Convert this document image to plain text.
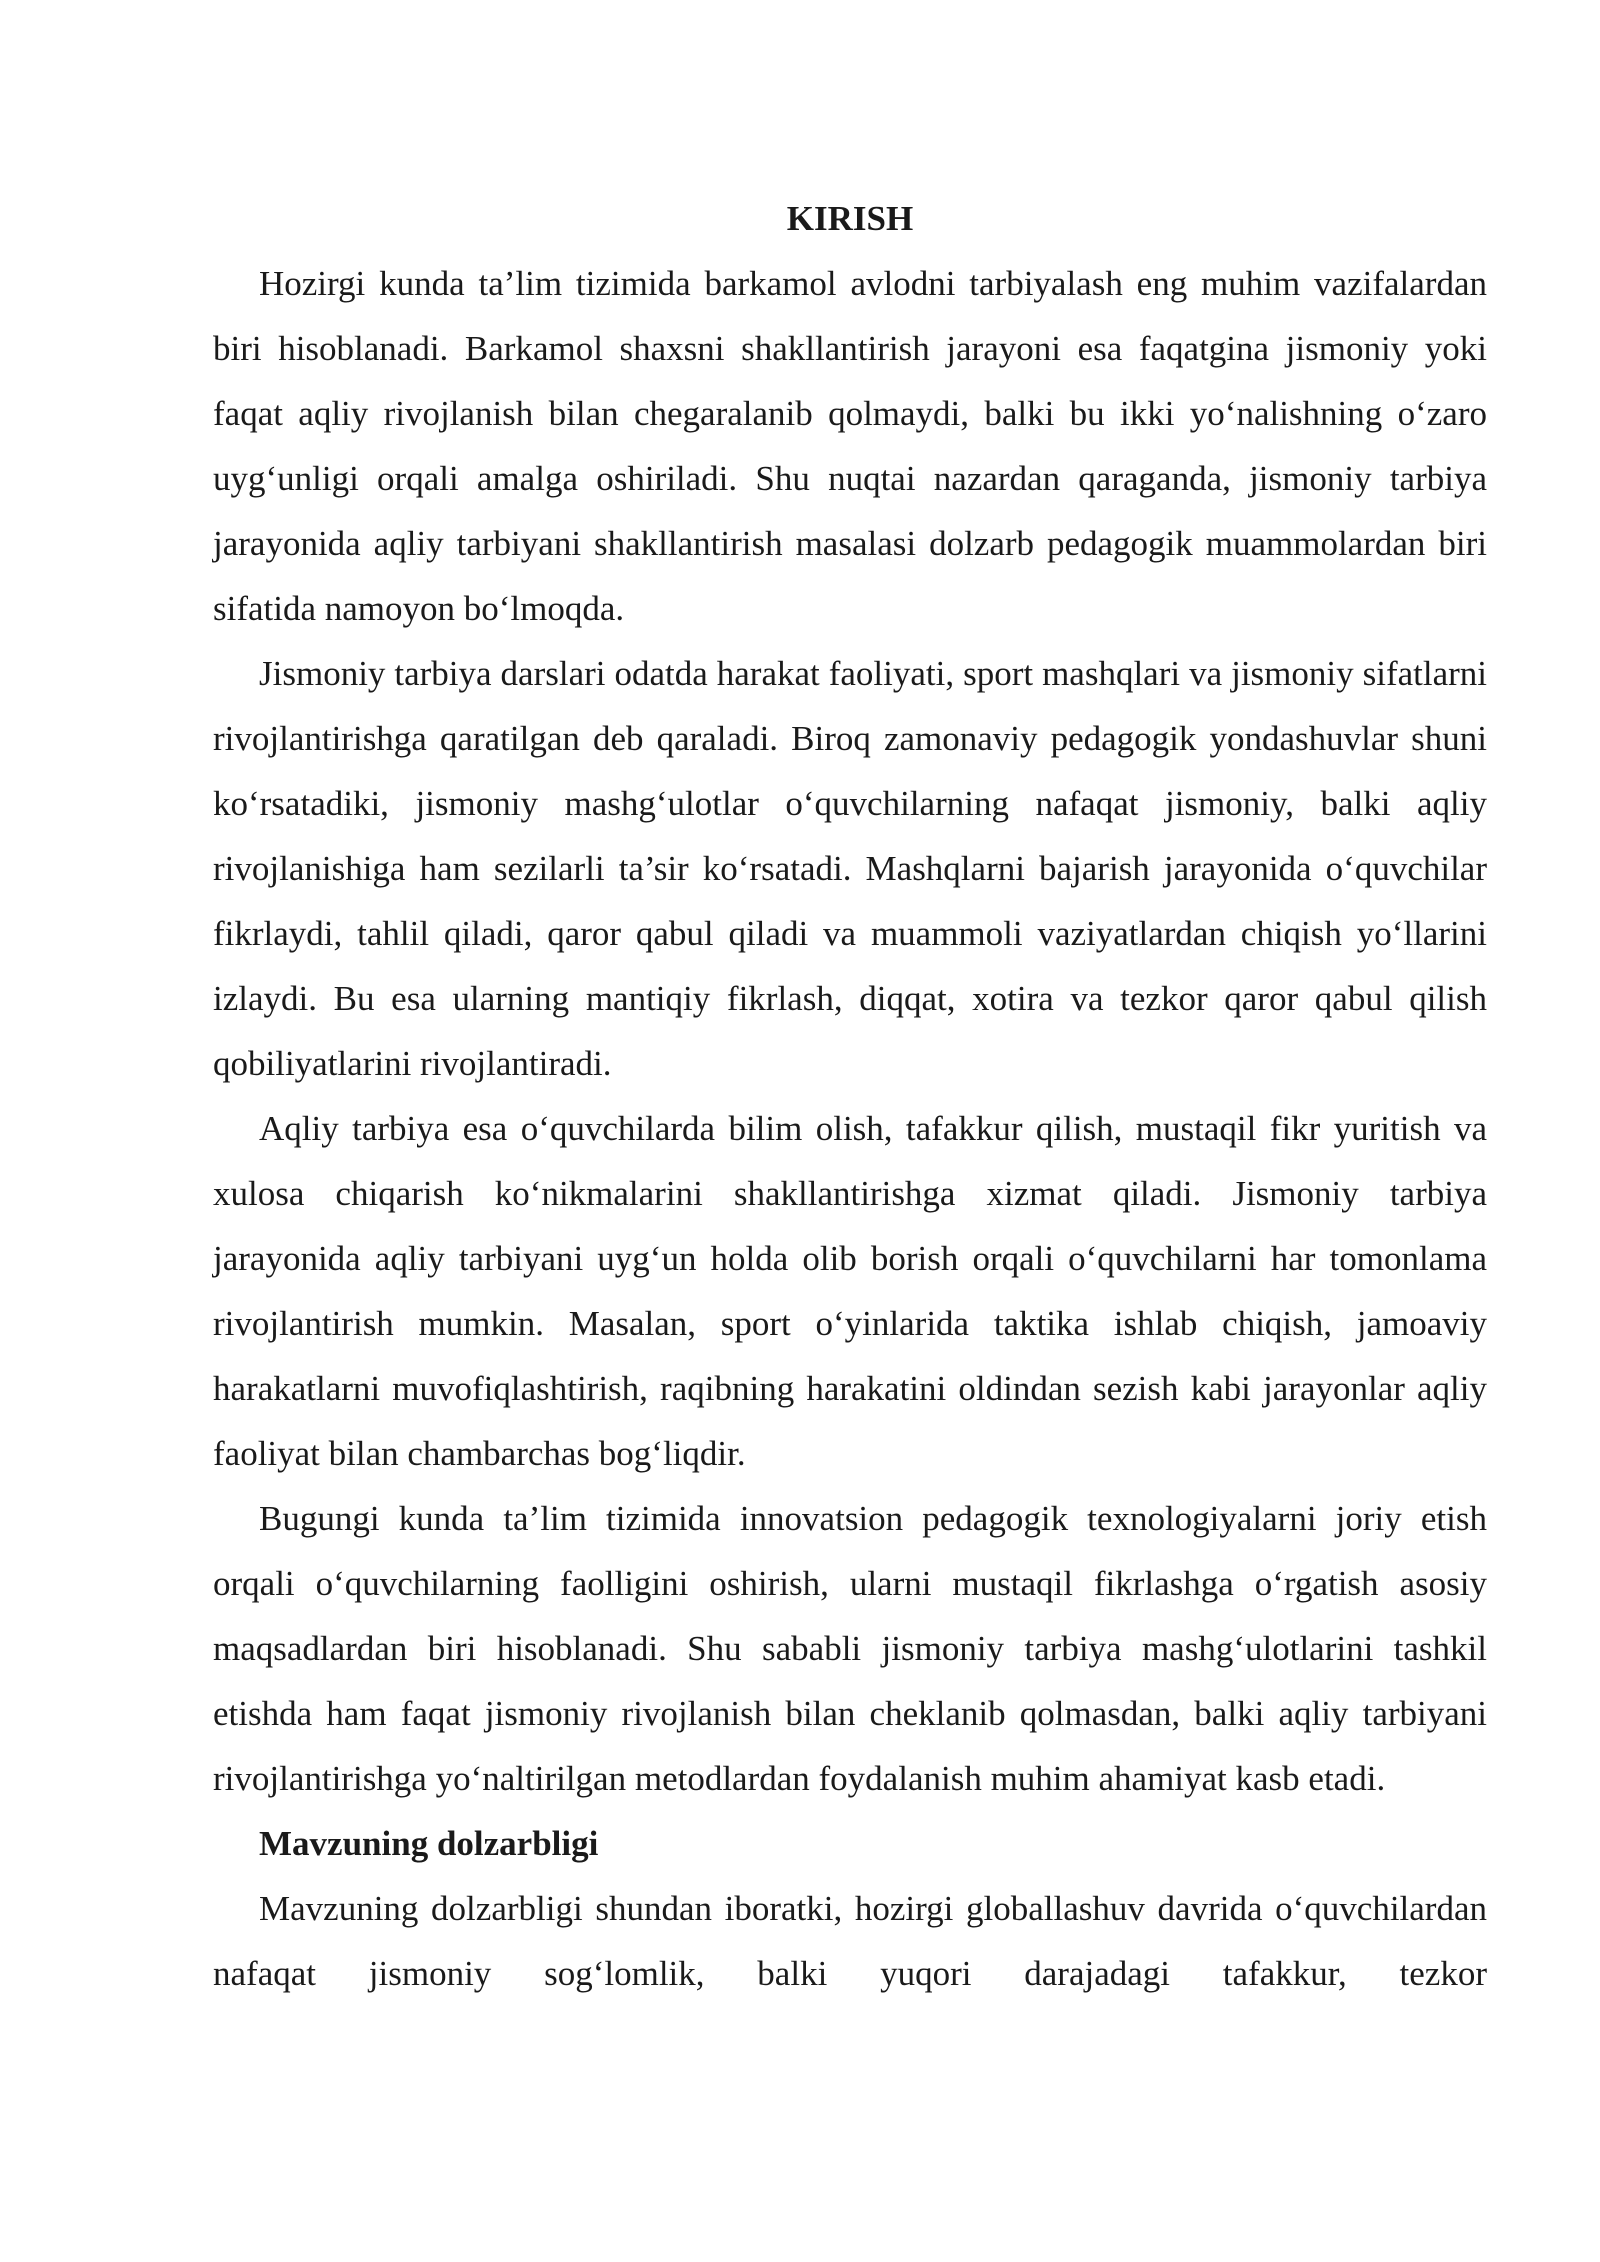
KIRISH

Hozirgi kunda ta’lim tizimida barkamol avlodni tarbiyalash eng muhim vazifalardan biri hisoblanadi. Barkamol shaxsni shakllantirish jarayoni esa faqatgina jismoniy yoki faqat aqliy rivojlanish bilan chegaralanib qolmaydi, balki bu ikki yo‘nalishning o‘zaro uyg‘unligi orqali amalga oshiriladi. Shu nuqtai nazardan qaraganda, jismoniy tarbiya jarayonida aqliy tarbiyani shakllantirish masalasi dolzarb pedagogik muammolardan biri sifatida namoyon bo‘lmoqda.

Jismoniy tarbiya darslari odatda harakat faoliyati, sport mashqlari va jismoniy sifatlarni rivojlantirishga qaratilgan deb qaraladi. Biroq zamonaviy pedagogik yondashuvlar shuni ko‘rsatadiki, jismoniy mashg‘ulotlar o‘quvchilarning nafaqat jismoniy, balki aqliy rivojlanishiga ham sezilarli ta’sir ko‘rsatadi. Mashqlarni bajarish jarayonida o‘quvchilar fikrlaydi, tahlil qiladi, qaror qabul qiladi va muammoli vaziyatlardan chiqish yo‘llarini izlaydi. Bu esa ularning mantiqiy fikrlash, diqqat, xotira va tezkor qaror qabul qilish qobiliyatlarini rivojlantiradi.

Aqliy tarbiya esa o‘quvchilarda bilim olish, tafakkur qilish, mustaqil fikr yuritish va xulosa chiqarish ko‘nikmalarini shakllantirishga xizmat qiladi. Jismoniy tarbiya jarayonida aqliy tarbiyani uyg‘un holda olib borish orqali o‘quvchilarni har tomonlama rivojlantirish mumkin. Masalan, sport o‘yinlarida taktika ishlab chiqish, jamoaviy harakatlarni muvofiqlashtirish, raqibning harakatini oldindan sezish kabi jarayonlar aqliy faoliyat bilan chambarchas bog‘liqdir.

Bugungi kunda ta’lim tizimida innovatsion pedagogik texnologiyalarni joriy etish orqali o‘quvchilarning faolligini oshirish, ularni mustaqil fikrlashga o‘rgatish asosiy maqsadlardan biri hisoblanadi. Shu sababli jismoniy tarbiya mashg‘ulotlarini tashkil etishda ham faqat jismoniy rivojlanish bilan cheklanib qolmasdan, balki aqliy tarbiyani rivojlantirishga yo‘naltirilgan metodlardan foydalanish muhim ahamiyat kasb etadi.

Mavzuning dolzarbligi

Mavzuning dolzarbligi shundan iboratki, hozirgi globallashuv davrida o‘quvchilardan nafaqat jismoniy sog‘lomlik, balki yuqori darajadagi tafakkur, tezkor
